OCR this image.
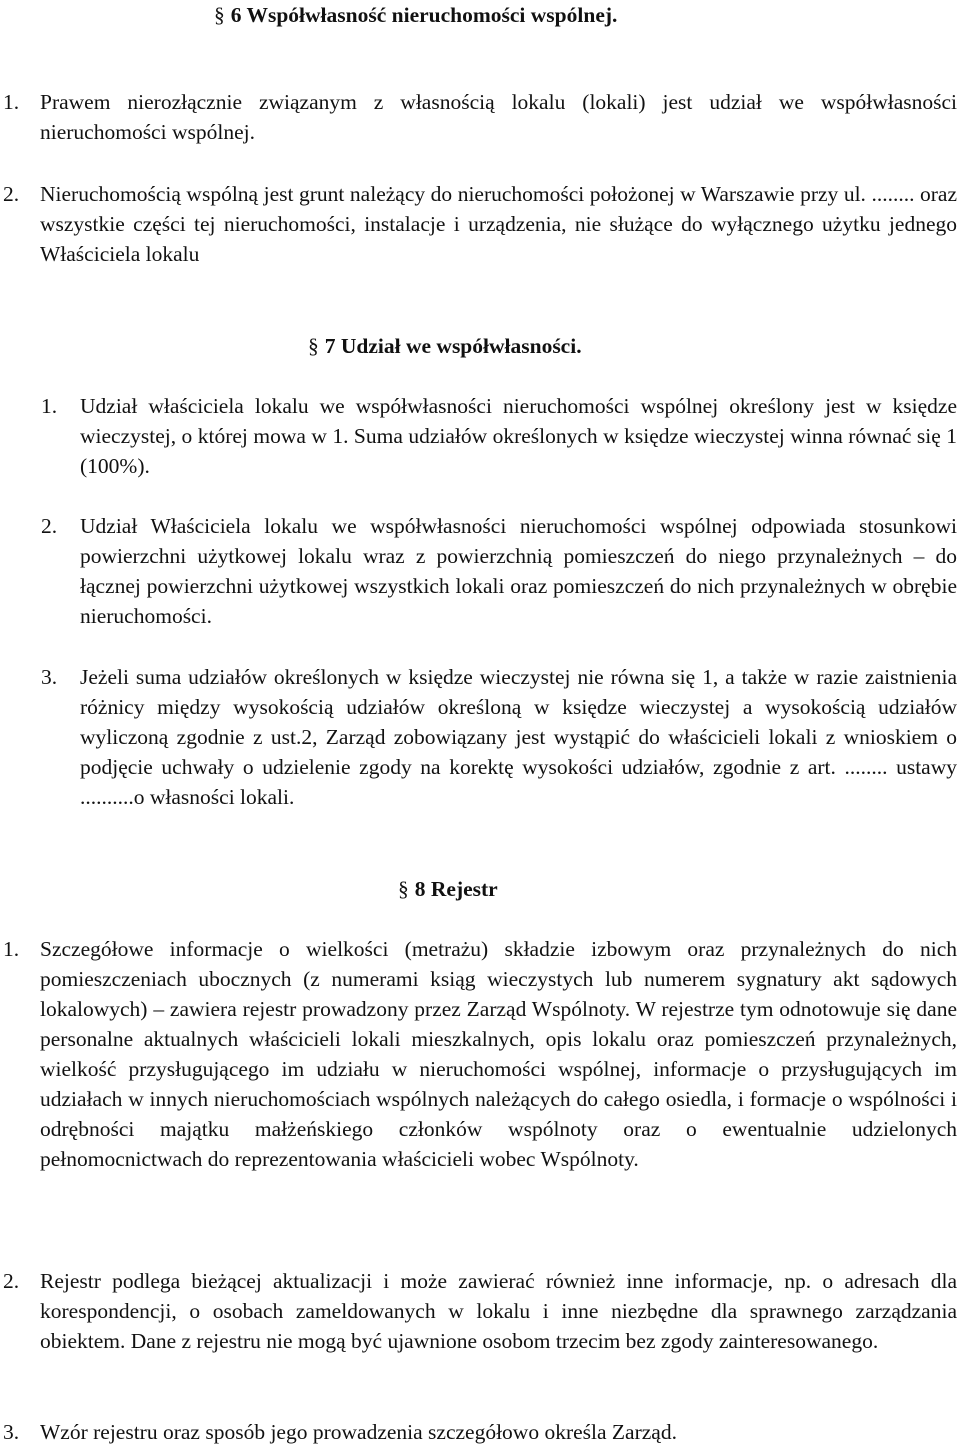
§ 6 Współwłasność nieruchomości wspólnej.
1. Prawem nierozłącznie związanym z własnością lokalu (lokali) jest udział we współwłasności nieruchomości wspólnej.
2. Nieruchomością wspólną jest grunt należący do nieruchomości położonej w Warszawie przy ul. ........ oraz wszystkie części tej nieruchomości, instalacje i urządzenia, nie służące do wyłącznego użytku jednego Właściciela lokalu
§ 7 Udział we współwłasności.
1. Udział właściciela lokalu we współwłasności nieruchomości wspólnej określony jest w księdze wieczystej, o której mowa w 1. Suma udziałów określonych w księdze wieczystej winna równać się 1 (100%).
2. Udział Właściciela lokalu we współwłasności nieruchomości wspólnej odpowiada stosunkowi powierzchni użytkowej lokalu wraz z powierzchnią pomieszczeń do niego przynależnych – do łącznej powierzchni użytkowej wszystkich lokali oraz pomieszczeń do nich przynależnych w obrębie nieruchomości.
3. Jeżeli suma udziałów określonych w księdze wieczystej nie równa się 1, a także w razie zaistnienia różnicy między wysokością udziałów określoną w księdze wieczystej a wysokością udziałów wyliczoną zgodnie z ust.2, Zarząd zobowiązany jest wystąpić do właścicieli lokali z wnioskiem o podjęcie uchwały o udzielenie zgody na korektę wysokości udziałów, zgodnie z art. ........ ustawy ..........o własności lokali.
§ 8 Rejestr
1. Szczegółowe informacje o wielkości (metrażu) składzie izbowym oraz przynależnych do nich pomieszczeniach ubocznych (z numerami ksiąg wieczystych lub numerem sygnatury akt sądowych lokalowych) – zawiera rejestr prowadzony przez Zarząd Wspólnoty. W rejestrze tym odnotowuje się dane personalne aktualnych właścicieli lokali mieszkalnych, opis lokalu oraz pomieszczeń przynależnych, wielkość przysługującego im udziału w nieruchomości wspólnej, informacje o przysługujących im udziałach w innych nieruchomościach wspólnych należących do całego osiedla, i formacje o wspólności i odrębności majątku małżeńskiego członków wspólnoty oraz o ewentualnie udzielonych pełnomocnictwach do reprezentowania właścicieli wobec Wspólnoty.
2. Rejestr podlega bieżącej aktualizacji i może zawierać również inne informacje, np. o adresach dla korespondencji, o osobach zameldowanych w lokalu i inne niezbędne dla sprawnego zarządzania obiektem. Dane z rejestru nie mogą być ujawnione osobom trzecim bez zgody zainteresowanego.
3. Wzór rejestru oraz sposób jego prowadzenia szczegółowo określa Zarząd.
